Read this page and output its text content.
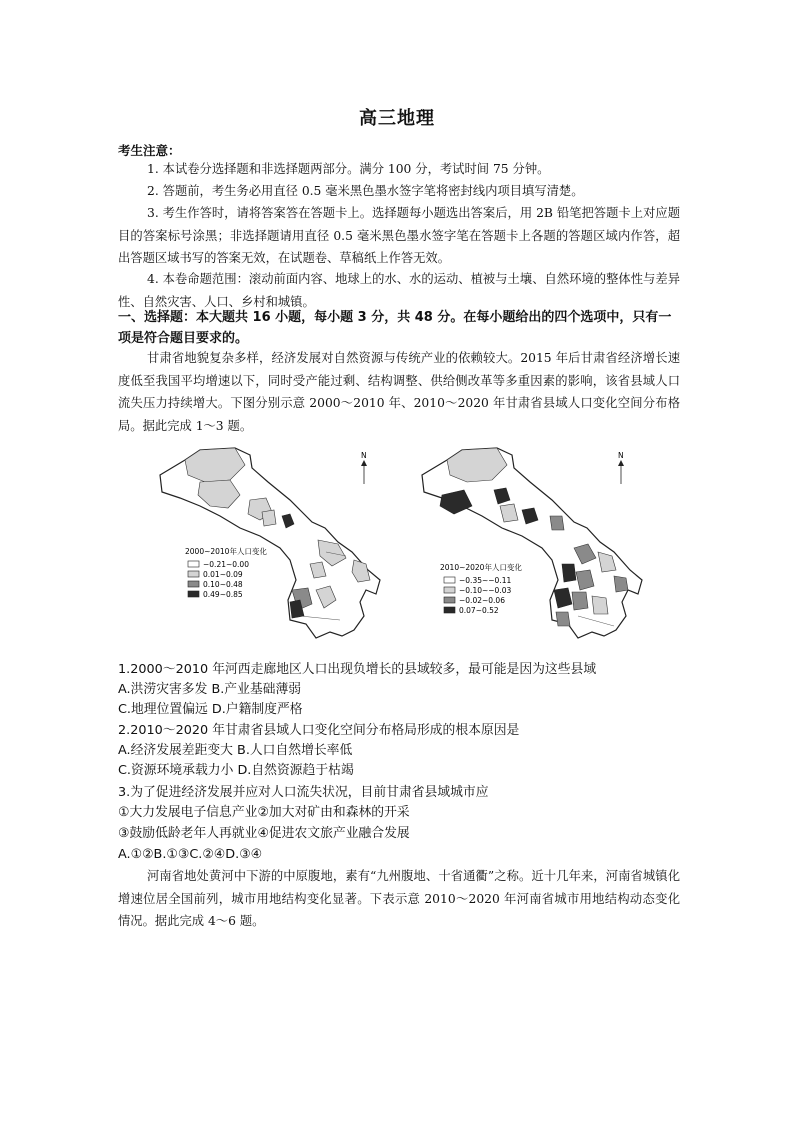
高三地理
考生注意：
1. 本试卷分选择题和非选择题两部分。满分 100 分，考试时间 75 分钟。
2. 答题前，考生务必用直径 0.5 毫米黑色墨水签字笔将密封线内项目填写清楚。
3. 考生作答时，请将答案答在答题卡上。选择题每小题选出答案后，用 2B 铅笔把答题卡上对应题目的答案标号涂黑；非选择题请用直径 0.5 毫米黑色墨水签字笔在答题卡上各题的答题区域内作答，超出答题区域书写的答案无效，在试题卷、草稿纸上作答无效。
4. 本卷命题范围：滚动前面内容、地球上的水、水的运动、植被与土壤、自然环境的整体性与差异性、自然灾害、人口、乡村和城镇。
一、选择题：本大题共 16 小题，每小题 3 分，共 48 分。在每小题给出的四个选项中，只有一项是符合题目要求的。
甘肃省地貌复杂多样，经济发展对自然资源与传统产业的依赖较大。2015 年后甘肃省经济增长速度低至我国平均增速以下，同时受产能过剩、结构调整、供给侧改革等多重因素的影响，该省县域人口流失压力持续增大。下图分别示意 2000～2010 年、2010～2020 年甘肃省县域人口变化空间分布格局。据此完成 1～3 题。
2000~2010年人口变化
−0.21~0.00
0.01~0.09
0.10~0.48
0.49~0.85
N
2010~2020年人口变化
−0.35~−0.11
−0.10~−0.03
−0.02~0.06
0.07~0.52
N
1.2000～2010 年河西走廊地区人口出现负增长的县域较多，最可能是因为这些县域
A.洪涝灾害多发 B.产业基础薄弱
C.地理位置偏远 D.户籍制度严格
2.2010～2020 年甘肃省县域人口变化空间分布格局形成的根本原因是
A.经济发展差距变大 B.人口自然增长率低
C.资源环境承载力小 D.自然资源趋于枯竭
3.为了促进经济发展并应对人口流失状况，目前甘肃省县域城市应
①大力发展电子信息产业②加大对矿由和森林的开采
③鼓励低龄老年人再就业④促进农文旅产业融合发展
A.①②B.①③C.②④D.③④
河南省地处黄河中下游的中原腹地，素有“九州腹地、十省通衢”之称。近十几年来，河南省城镇化增速位居全国前列，城市用地结构变化显著。下表示意 2010～2020 年河南省城市用地结构动态变化情况。据此完成 4～6 题。
